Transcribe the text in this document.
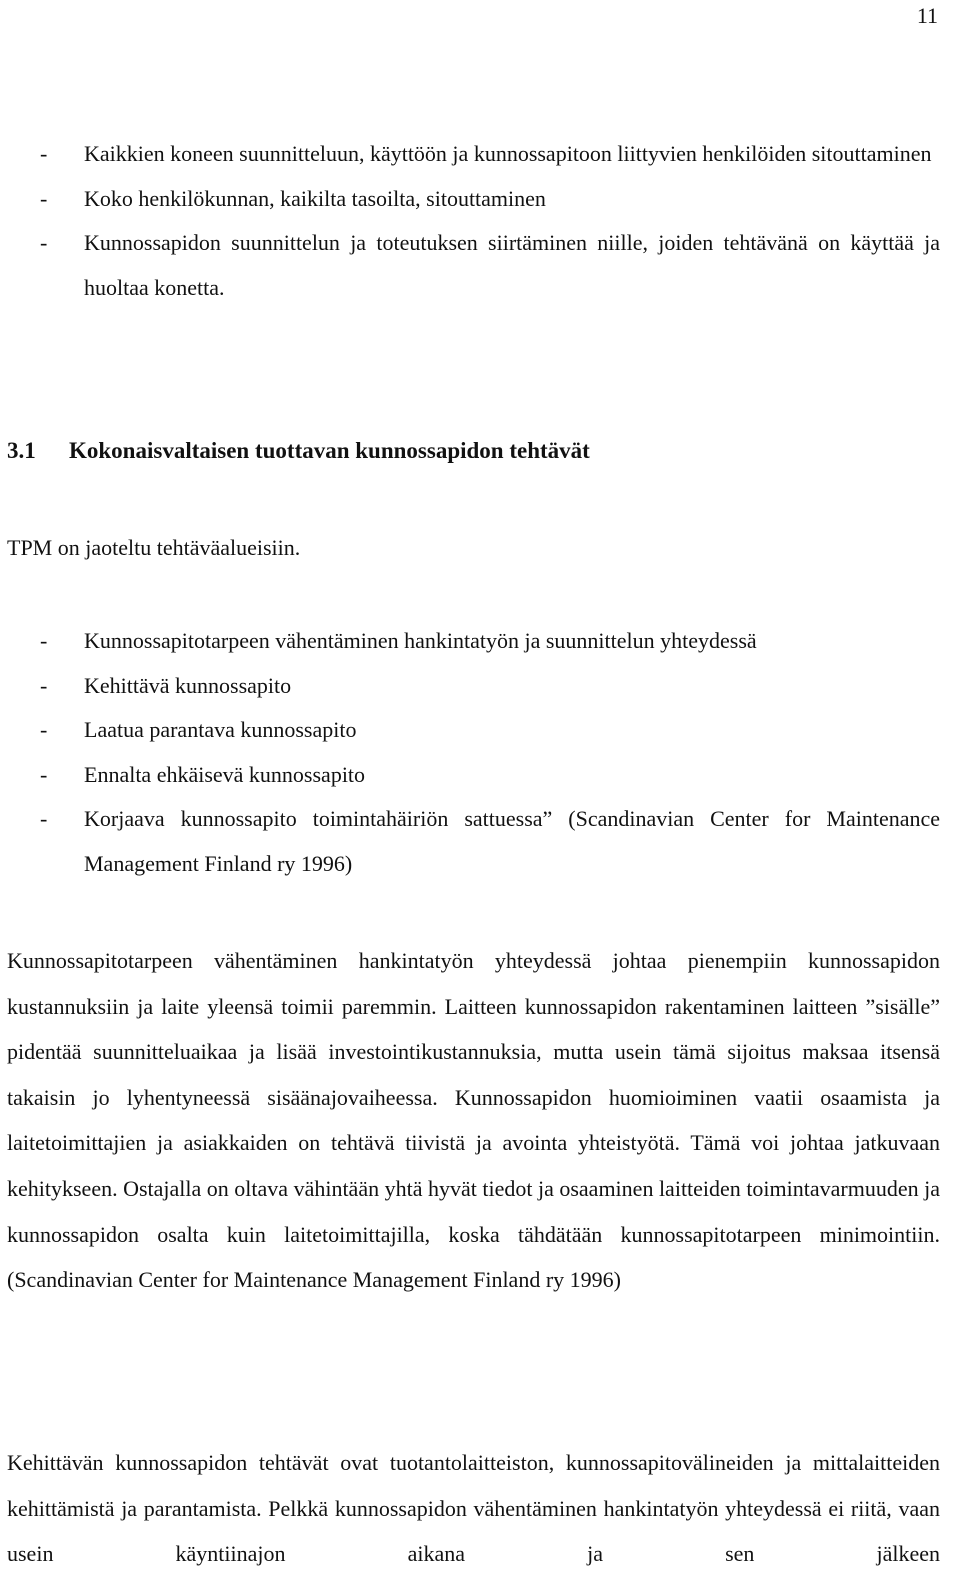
11
- Kaikkien koneen suunnitteluun, käyttöön ja kunnossapitoon liittyvien henkilöiden sitouttaminen
- Koko henkilökunnan, kaikilta tasoilta, sitouttaminen
- Kunnossapidon suunnittelun ja toteutuksen siirtäminen niille, joiden tehtävänä on käyttää ja huoltaa konetta.
3.1 Kokonaisvaltaisen tuottavan kunnossapidon tehtävät

TPM on jaoteltu tehtäväalueisiin.

- Kunnossapitotarpeen vähentäminen hankintatyön ja suunnittelun yhteydessä
- Kehittävä kunnossapito
- Laatua parantava kunnossapito
- Ennalta ehkäisevä kunnossapito
- Korjaava kunnossapito toimintahäiriön sattuessa” (Scandinavian Center for Maintenance Management Finland ry 1996)

Kunnossapitotarpeen vähentäminen hankintatyön yhteydessä johtaa pienempiin kunnossapidon kustannuksiin ja laite yleensä toimii paremmin. Laitteen kunnossapidon rakentaminen laitteen ”sisälle” pidentää suunnitteluaikaa ja lisää investointikustannuksia, mutta usein tämä sijoitus maksaa itsensä takaisin jo lyhentyneessä sisäänajovaiheessa. Kunnossapidon huomioiminen vaatii osaamista ja laitetoimittajien ja asiakkaiden on tehtävä tiivistä ja avointa yhteistyötä. Tämä voi johtaa jatkuvaan kehitykseen. Ostajalla on oltava vähintään yhtä hyvät tiedot ja osaaminen laitteiden toimintavarmuuden ja kunnossapidon osalta kuin laitetoimittajilla, koska tähdätään kunnossapitotarpeen minimointiin. (Scandinavian Center for Maintenance Management Finland ry 1996)

Kehittävän kunnossapidon tehtävät ovat tuotantolaitteiston, kunnossapitovälineiden ja mittalaitteiden kehittämistä ja parantamista. Pelkkä kunnossapidon vähentäminen hankintatyön yhteydessä ei riitä, vaan usein käyntiinajon aikana ja sen jälkeen
